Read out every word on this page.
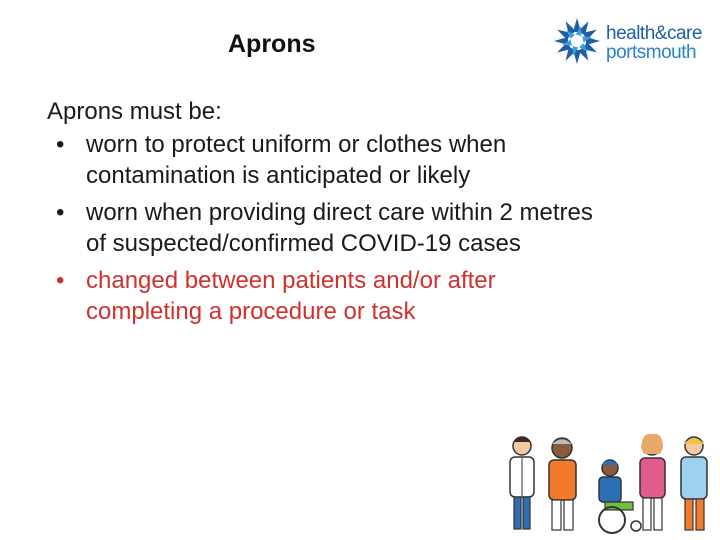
Aprons	health&care
portsmouth

Aprons must be:

• worn to protect uniform or clothes when contamination is anticipated or likely
• worn when providing direct care within 2 metres of suspected/confirmed COVID-19 cases
• changed between patients and/or after completing a procedure or task
